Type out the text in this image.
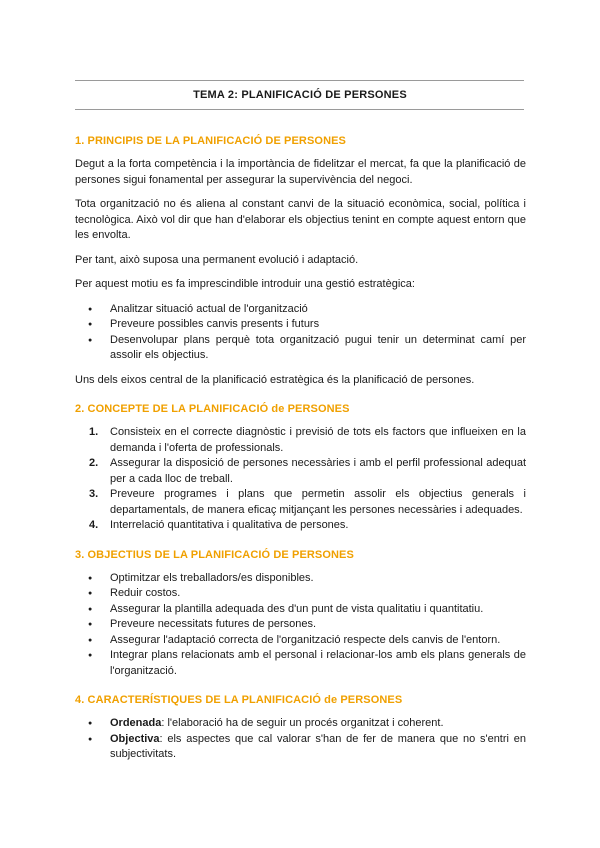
TEMA 2: PLANIFICACIÓ DE PERSONES
1. PRINCIPIS DE LA PLANIFICACIÓ DE PERSONES

Degut a la forta competència i la importància de fidelitzar el mercat, fa que la planificació de persones sigui fonamental per assegurar la supervivència del negoci.

Tota organització no és aliena al constant canvi de la situació econòmica, social, política i tecnològica. Això vol dir que han d'elaborar els objectius tenint en compte aquest entorn que les envolta.

Per tant, això suposa una permanent evolució i adaptació.

Per aquest motiu es fa imprescindible introduir una gestió estratègica:

● Analitzar situació actual de l'organització
● Preveure possibles canvis presents i futurs
● Desenvolupar plans perquè tota organització pugui tenir un determinat camí per assolir els objectius.

Uns dels eixos central de la planificació estratègica és la planificació de persones.

2. CONCEPTE DE LA PLANIFICACIÓ de PERSONES
1. Consisteix en el correcte diagnòstic i previsió de tots els factors que influeixen en la demanda i l'oferta de professionals.
2. Assegurar la disposició de persones necessàries i amb el perfil professional adequat per a cada lloc de treball.
3. Preveure programes i plans que permetin assolir els objectius generals i departamentals, de manera eficaç mitjançant les persones necessàries i adequades.
4. Interrelació quantitativa i qualitativa de persones.
3. OBJECTIUS DE LA PLANIFICACIÓ DE PERSONES
● Optimitzar els treballadors/es disponibles.
● Reduir costos.
● Assegurar la plantilla adequada des d'un punt de vista qualitatiu i quantitatiu.
● Preveure necessitats futures de persones.
● Assegurar l'adaptació correcta de l'organització respecte dels canvis de l'entorn.
● Integrar plans relacionats amb el personal i relacionar-los amb els plans generals de l'organització.
4. CARACTERÍSTIQUES DE LA PLANIFICACIÓ de PERSONES
● Ordenada: l'elaboració ha de seguir un procés organitzat i coherent.
● Objectiva: els aspectes que cal valorar s'han de fer de manera que no s'entri en subjectivitats.
